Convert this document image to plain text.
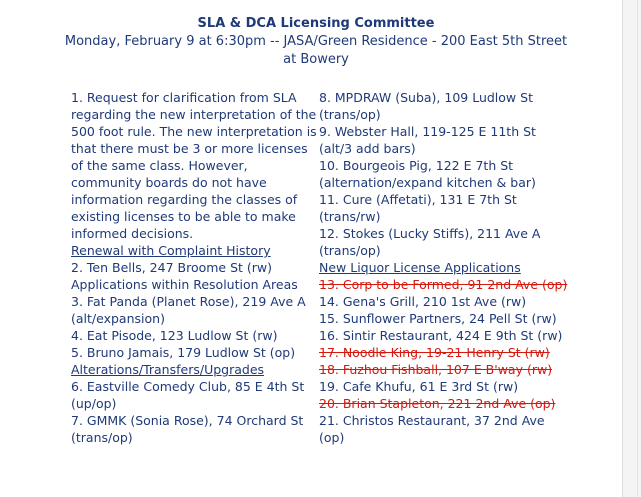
SLA & DCA Licensing Committee
Monday, February 9 at 6:30pm -- JASA/Green Residence - 200 East 5th Street
at Bowery

1. Request for clarification from SLA regarding the new interpretation of the 500 foot rule. The new interpretation is that there must be 3 or more licenses of the same class. However, community boards do not have information regarding the classes of existing licenses to be able to make informed decisions.

Renewal with Complaint History

2. Ten Bells, 247 Broome St (rw)

Applications within Resolution Areas

3. Fat Panda (Planet Rose), 219 Ave A (alt/expansion)

4. Eat Pisode, 123 Ludlow St (rw)

5. Bruno Jamais, 179 Ludlow St (op)

Alterations/Transfers/Upgrades

6. Eastville Comedy Club, 85 E 4th St (up/op)

7. GMMK (Sonia Rose), 74 Orchard St (trans/op)

8. MPDRAW (Suba), 109 Ludlow St (trans/op)

9. Webster Hall, 119-125 E 11th St (alt/3 add bars)

10. Bourgeois Pig, 122 E 7th St (alternation/expand kitchen & bar)

11. Cure (Affetati), 131 E 7th St (trans/rw)

12. Stokes (Lucky Stiffs), 211 Ave A (trans/op)

New Liquor License Applications

13. Corp to be Formed, 91 2nd Ave (op)

14. Gena's Grill, 210 1st Ave (rw)

15. Sunflower Partners, 24 Pell St (rw)

16. Sintir Restaurant, 424 E 9th St (rw)

17. Noodle King, 19-21 Henry St (rw)

18. Fuzhou Fishball, 107 E B'way (rw)

19. Cafe Khufu, 61 E 3rd St (rw)

20. Brian Stapleton, 221 2nd Ave (op)

21. Christos Restaurant, 37 2nd Ave (op)
